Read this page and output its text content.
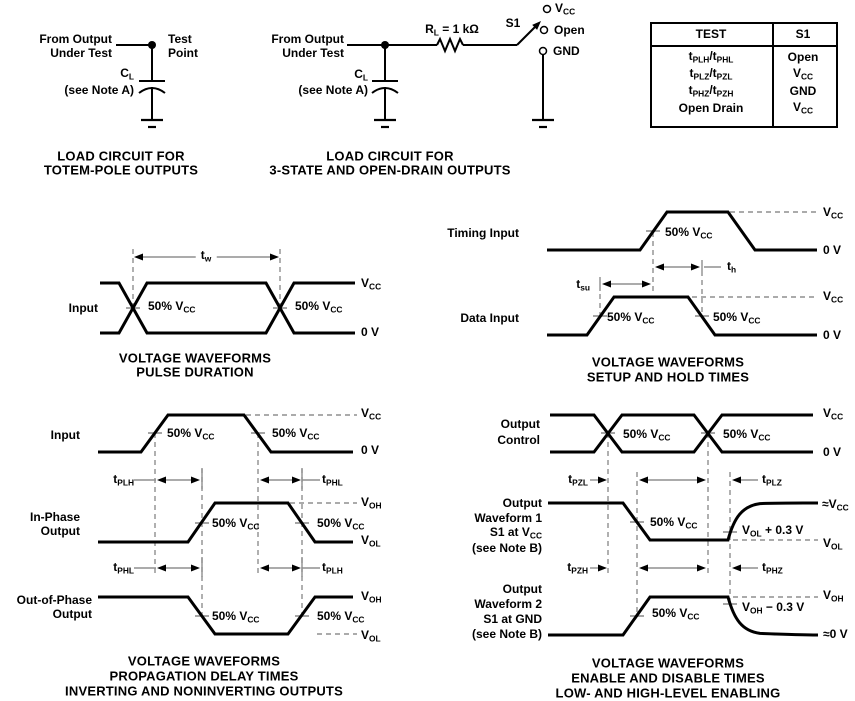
TEST	S1
$t_{PLH}/t_{PHL}$	Open
$t_{PLZ}/t_{PZL}$	$V_{CC}$
$t_{PHZ}/t_{PZH}$	GND
Open Drain	$V_{CC}$
From Output
Under Test
Test
Point
$C_L$
(see Note A)
LOAD CIRCUIT FOR
TOTEM-POLE OUTPUTS
From Output
Under Test
$R_L = 1$ kΩ S1
$V_{CC}$
Open
GND
$C_L$
(see Note A)
LOAD CIRCUIT FOR
3-STATE AND OPEN-DRAIN OUTPUTS
Input
$t_w$
50% $V_{CC}$	50% $V_{CC}$
$V_{CC}$
0 V
VOLTAGE WAVEFORMS
PULSE DURATION
Timing Input
Data Input
$t_{su}$
$t_h$
50% $V_{CC}$
50% $V_{CC}$	50% $V_{CC}$
$V_{CC}$
0 V
$V_{CC}$
0 V
VOLTAGE WAVEFORMS
SETUP AND HOLD TIMES
Input
In-Phase
Output
Out-of-Phase
Output
$t_{PLH}$	$t_{PHL}$
$t_{PHL}$	$t_{PLH}$
50% $V_{CC}$	50% $V_{CC}$
50% $V_{CC}$	50% $V_{CC}$
50% $V_{CC}$	50% $V_{CC}$
$V_{CC}$
0 V
$V_{OH}$
$V_{OL}$
$V_{OH}$
$V_{OL}$
VOLTAGE WAVEFORMS
PROPAGATION DELAY TIMES
INVERTING AND NONINVERTING OUTPUTS
Output
Control
Output
Waveform 1
S1 at $V_{CC}$
(see Note B)
Output
Waveform 2
S1 at GND
(see Note B)
$t_{PZL}$	$t_{PLZ}$
$t_{PZH}$	$t_{PHZ}$
50% $V_{CC}$	50% $V_{CC}$
50% $V_{CC}$
50% $V_{CC}$
$V_{CC}$
0 V
$\approx V_{CC}$
$V_{OL} + 0.3$ V
$V_{OL}$
$V_{OH} - 0.3$ V
$V_{OH}$
≈0 V
VOLTAGE WAVEFORMS
ENABLE AND DISABLE TIMES
LOW- AND HIGH-LEVEL ENABLING
